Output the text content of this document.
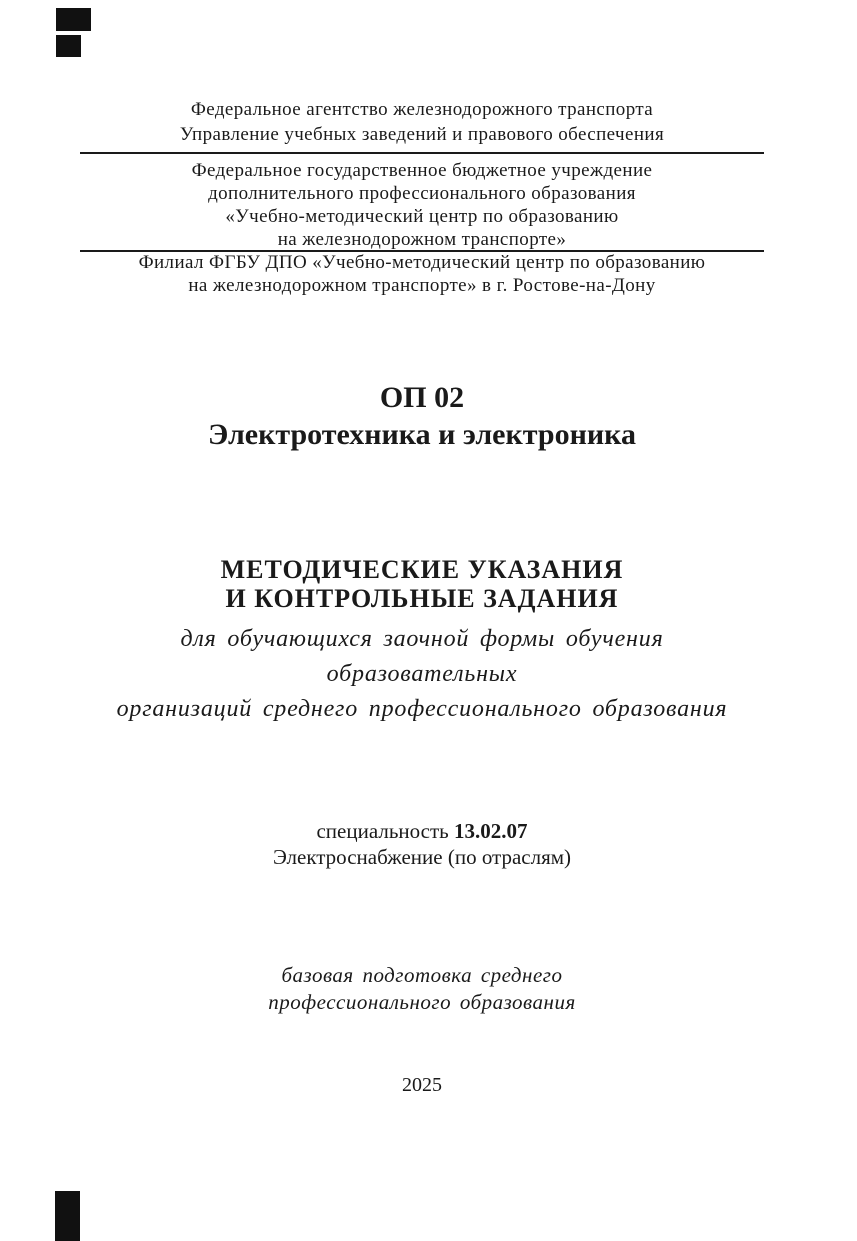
Федеральное агентство железнодорожного транспорта
Управление учебных заведений и правового обеспечения
Федеральное государственное бюджетное учреждение
дополнительного профессионального образования
«Учебно-методический центр по образованию
на железнодорожном транспорте»
Филиал ФГБУ ДПО «Учебно-методический центр по образованию
на железнодорожном транспорте» в г. Ростове-на-Дону
ОП 02
Электротехника и электроника
МЕТОДИЧЕСКИЕ УКАЗАНИЯ
И КОНТРОЛЬНЫЕ ЗАДАНИЯ
для обучающихся заочной формы обучения образовательных
организаций среднего профессионального образования
специальность 13.02.07
Электроснабжение (по отраслям)
базовая подготовка среднего
профессионального образования
2025
